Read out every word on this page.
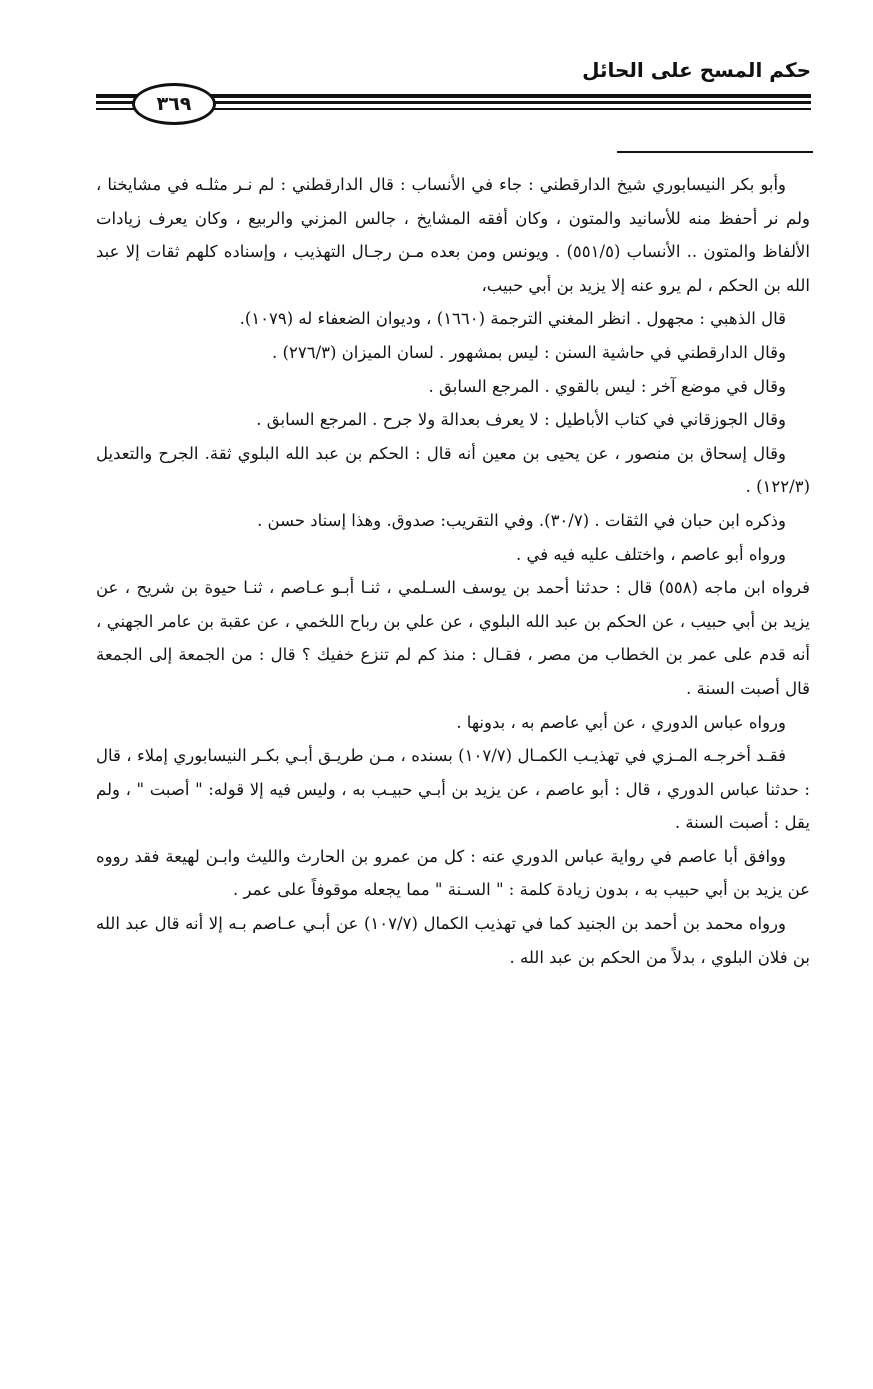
حكم المسح على الحائل
٣٦٩

وأبو بكر النيسابوري شيخ الدارقطني : جاء في الأنساب : قال الدارقطني : لم نـر مثلـه في مشايخنا ، ولم نر أحفظ منه للأسانيد والمتون ، وكان أفقه المشايخ ، جالس المزني والربيع ، وكان يعرف زيادات الألفاظ والمتون .. الأنساب (٥٥١/٥) . ويونس ومن بعده مـن رجـال التهذيب ، وإسناده كلهم ثقات إلا عبد الله بن الحكم ، لم يرو عنه إلا يزيد بن أبي حبيب،

قال الذهبي : مجهول . انظر المغني الترجمة (١٦٦٠) ، وديوان الضعفاء له (١٠٧٩).

وقال الدارقطني في حاشية السنن : ليس بمشهور . لسان الميزان (٢٧٦/٣) .

وقال في موضع آخر : ليس بالقوي . المرجع السابق .

وقال الجوزقاني في كتاب الأباطيل : لا يعرف بعدالة ولا جرح . المرجع السابق .

وقال إسحاق بن منصور ، عن يحيى بن معين أنه قال : الحكم بن عبد الله البلوي ثقة. الجرح والتعديل (١٢٢/٣) .

وذكره ابن حبان في الثقات . (٣٠/٧). وفي التقريب: صدوق. وهذا إسناد حسن .

ورواه أبو عاصم ، واختلف عليه فيه في .

فرواه ابن ماجه (٥٥٨) قال : حدثنا أحمد بن يوسف السـلمي ، ثنـا أبـو عـاصم ، ثنـا حيوة بن شريح ، عن يزيد بن أبي حبيب ، عن الحكم بن عبد الله البلوي ، عن علي بن رباح اللخمي ، عن عقبة بن عامر الجهني ، أنه قدم على عمر بن الخطاب من مصر ، فقـال : منذ كم لم تنزع خفيك ؟ قال : من الجمعة إلى الجمعة قال أصبت السنة .

ورواه عباس الدوري ، عن أبي عاصم به ، بدونها .

فقـد أخرجـه المـزي في تهذيـب الكمـال (١٠٧/٧) بسنده ، مـن طريـق أبـي بكـر النيسابوري إملاء ، قال : حدثنا عباس الدوري ، قال : أبو عاصم ، عن يزيد بن أبـي حبيـب به ، وليس فيه إلا قوله: " أصبت " ، ولم يقل : أصبت السنة .

ووافق أبا عاصم في رواية عباس الدوري عنه : كل من عمرو بن الحارث والليث وابـن لهيعة فقد رووه عن يزيد بن أبي حبيب به ، بدون زيادة كلمة : " السـنة " مما يجعله موقوفاً على عمر .

ورواه محمد بن أحمد بن الجنيد كما في تهذيب الكمال (١٠٧/٧) عن أبـي عـاصم بـه إلا أنه قال عبد الله بن فلان البلوي ، بدلاً من الحكم بن عبد الله .
